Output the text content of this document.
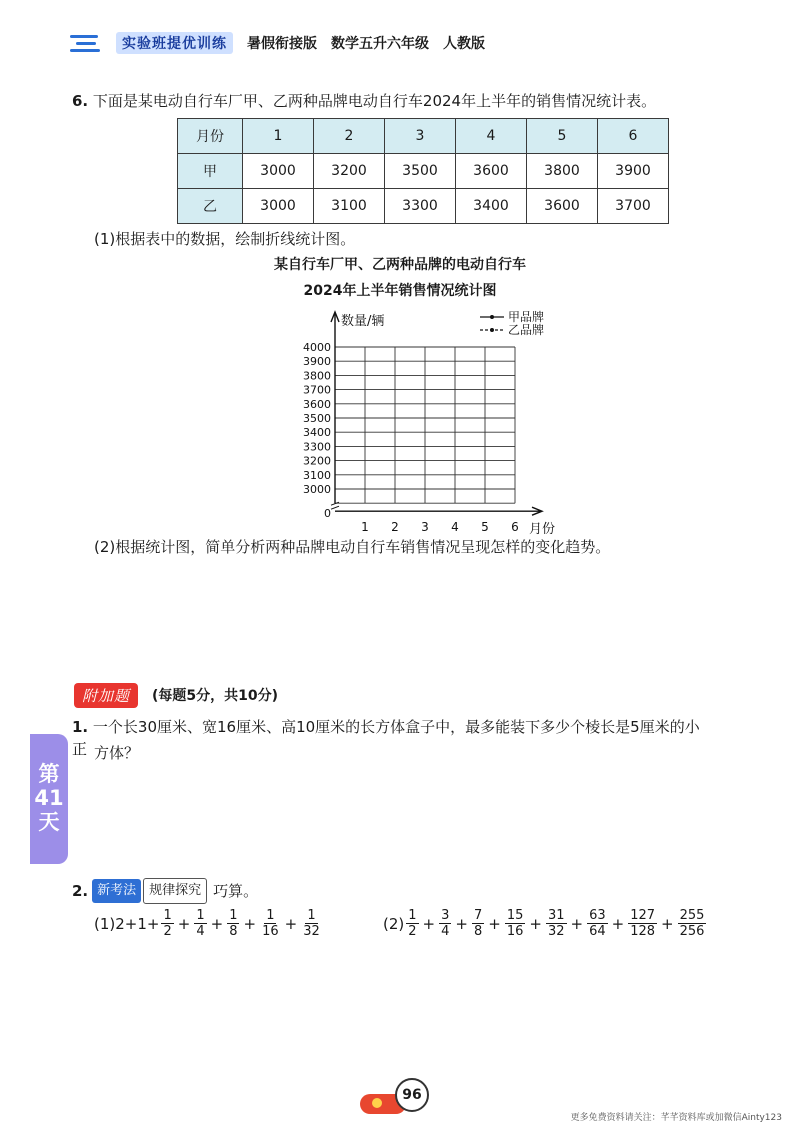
实验班提优训练	暑假衔接版 数学五升六年级 人教版
6. 下面是某电动自行车厂甲、乙两种品牌电动自行车2024年上半年的销售情况统计表。
月份	1	2	3	4	5	6
甲	3000	3200	3500	3600	3800	3900
乙	3000	3100	3300	3400	3600	3700
(1)根据表中的数据，绘制折线统计图。
某自行车厂甲、乙两种品牌的电动自行车
2024年上半年销售情况统计图
4000
3900
3800
3700
3600
3500
3400
3300
3200
3100
3000
0
1 2 3 4 5 6
数量/辆
月份
甲品牌
乙品牌
(2)根据统计图，简单分析两种品牌电动自行车销售情况呈现怎样的变化趋势。
附加题	(每题5分，共10分)
1. 一个长30厘米、宽16厘米、高10厘米的长方体盒子中，最多能装下多少个棱长是5厘米的小正 方体？
第
41
天
2. 新考法	规律探究 巧算。
$(1)2+1+ \frac{1}{2} + \frac{1}{4} + \frac{1}{8} + \frac{1}{16} + \frac{1}{32}$	$(2) \frac{1}{2} + \frac{3}{4} + \frac{7}{8} + \frac{15}{16} + \frac{31}{32} + \frac{63}{64} + \frac{127}{128} + \frac{255}{256}$
96
更多免费资料请关注：芊芊资料库或加微信Ainty123
